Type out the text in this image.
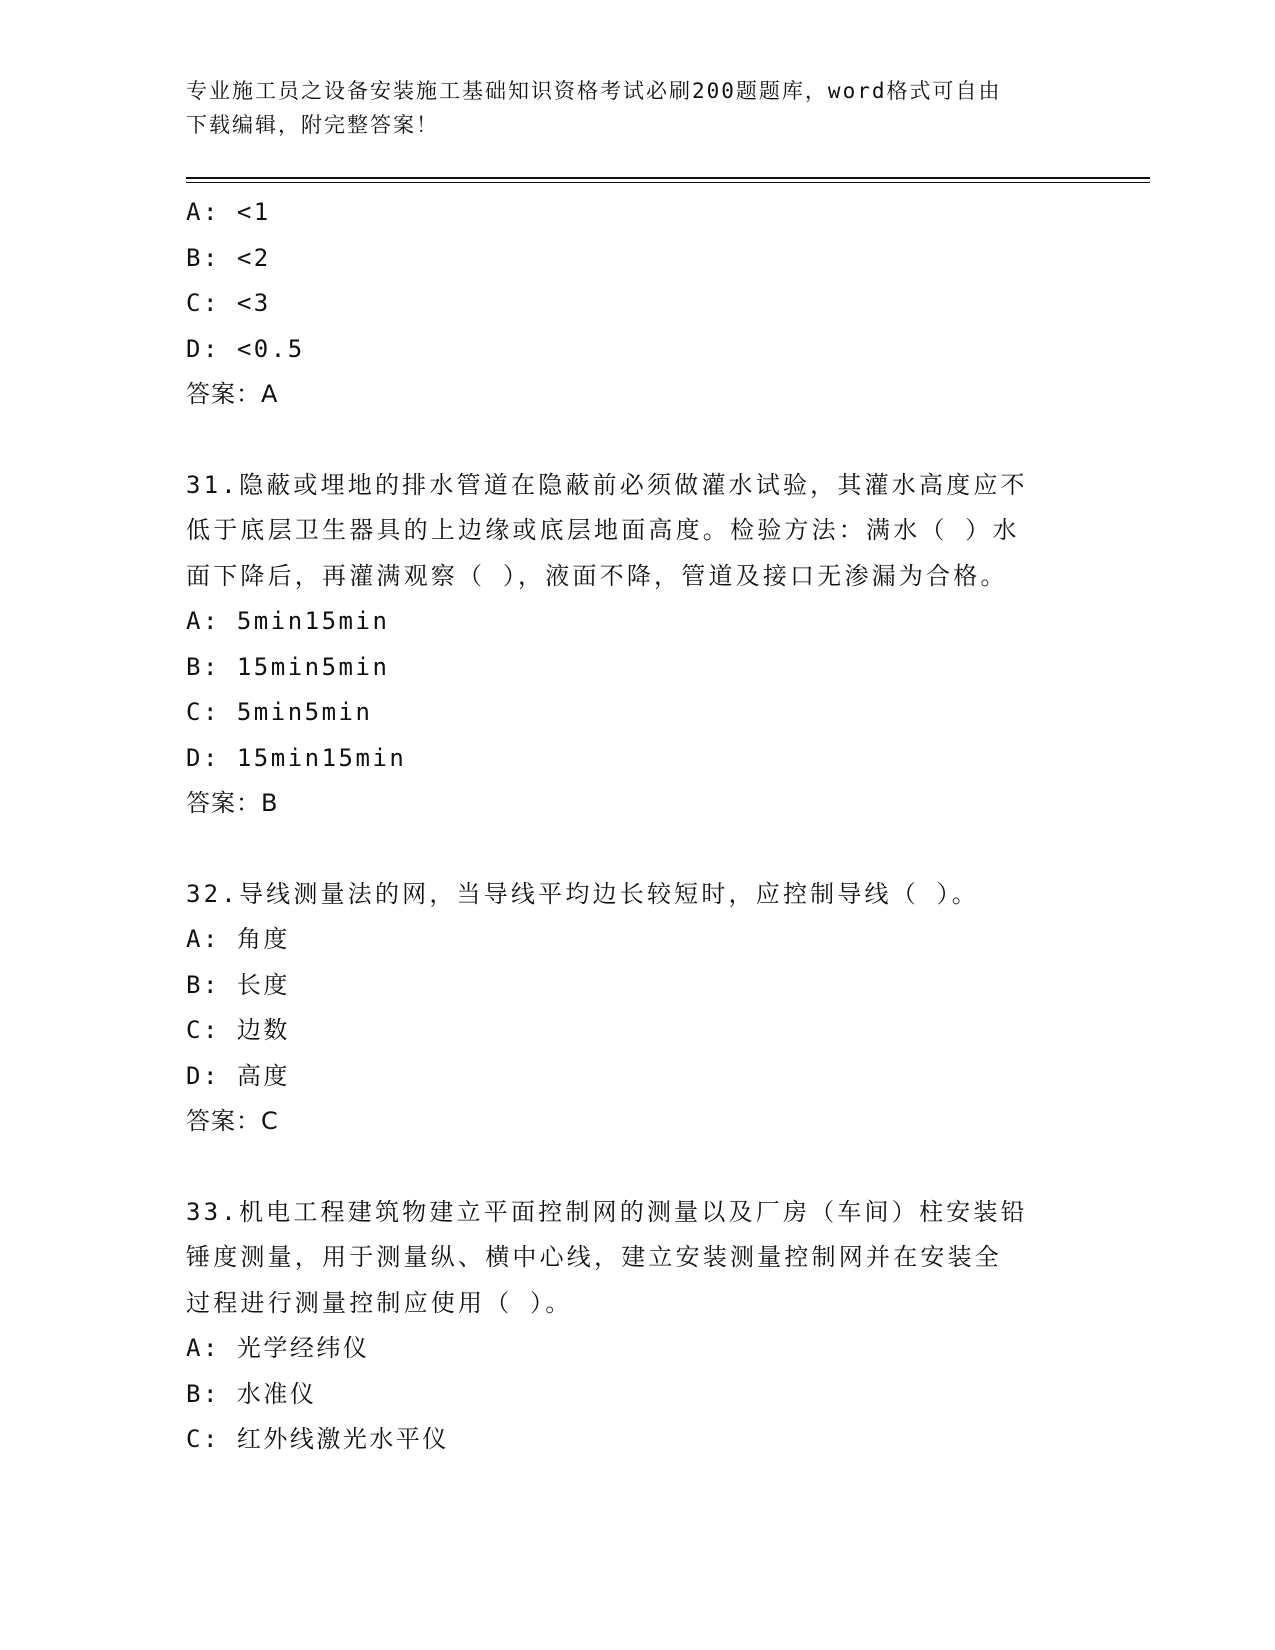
专业施工员之设备安装施工基础知识资格考试必刷200题题库，word格式可自由
下载编辑，附完整答案！
A: <1
B: <2
C: <3
D: <0.5
答案：A
31.隐蔽或埋地的排水管道在隐蔽前必须做灌水试验，其灌水高度应不
低于底层卫生器具的上边缘或底层地面高度。检验方法：满水（ ）水
面下降后，再灌满观察（ ），液面不降，管道及接口无渗漏为合格。
A: 5min15min
B: 15min5min
C: 5min5min
D: 15min15min
答案：B
32.导线测量法的网，当导线平均边长较短时，应控制导线（ ）。
A: 角度
B: 长度
C: 边数
D: 高度
答案：C
33.机电工程建筑物建立平面控制网的测量以及厂房（车间）柱安装铅
锤度测量，用于测量纵、横中心线，建立安装测量控制网并在安装全
过程进行测量控制应使用（ ）。
A: 光学经纬仪
B: 水准仪
C: 红外线激光水平仪
